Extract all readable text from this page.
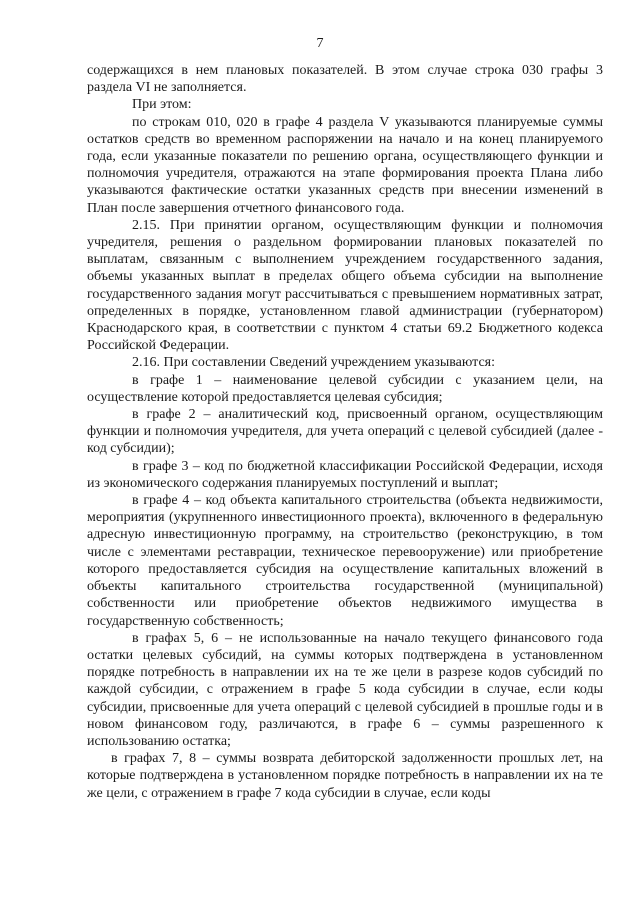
7

содержащихся в нем плановых показателей. В этом случае строка 030 графы 3 раздела VI не заполняется.

При этом:

по строкам 010, 020 в графе 4 раздела V указываются планируемые суммы остатков средств во временном распоряжении на начало и на конец планируемого года, если указанные показатели по решению органа, осуществляющего функции и полномочия учредителя, отражаются на этапе формирования проекта Плана либо указываются фактические остатки указанных средств при внесении изменений в План после завершения отчетного финансового года.

2.15. При принятии органом, осуществляющим функции и полномочия учредителя, решения о раздельном формировании плановых показателей по выплатам, связанным с выполнением учреждением государственного задания, объемы указанных выплат в пределах общего объема субсидии на выполнение государственного задания могут рассчитываться с превышением нормативных затрат, определенных в порядке, установленном главой администрации (губернатором) Краснодарского края, в соответствии с пунктом 4 статьи 69.2 Бюджетного кодекса Российской Федерации.

2.16. При составлении Сведений учреждением указываются:

в графе 1 – наименование целевой субсидии с указанием цели, на осуществление которой предоставляется целевая субсидия;

в графе 2 – аналитический код, присвоенный органом, осуществляющим функции и полномочия учредителя, для учета операций с целевой субсидией (далее - код субсидии);

в графе 3 – код по бюджетной классификации Российской Федерации, исходя из экономического содержания планируемых поступлений и выплат;

в графе 4 – код объекта капитального строительства (объекта недвижимости, мероприятия (укрупненного инвестиционного проекта), включенного в федеральную адресную инвестиционную программу, на строительство (реконструкцию, в том числе с элементами реставрации, техническое перевооружение) или приобретение которого предоставляется субсидия на осуществление капитальных вложений в объекты капитального строительства государственной (муниципальной) собственности или приобретение объектов недвижимого имущества в государственную собственность;

в графах 5, 6 – не использованные на начало текущего финансового года остатки целевых субсидий, на суммы которых подтверждена в установленном порядке потребность в направлении их на те же цели в разрезе кодов субсидий по каждой субсидии, с отражением в графе 5 кода субсидии в случае, если коды субсидии, присвоенные для учета операций с целевой субсидией в прошлые годы и в новом финансовом году, различаются, в графе 6 – суммы разрешенного к использованию остатка;

в графах 7, 8 – суммы возврата дебиторской задолженности прошлых лет, на которые подтверждена в установленном порядке потребность в направлении их на те же цели, с отражением в графе 7 кода субсидии в случае, если коды
